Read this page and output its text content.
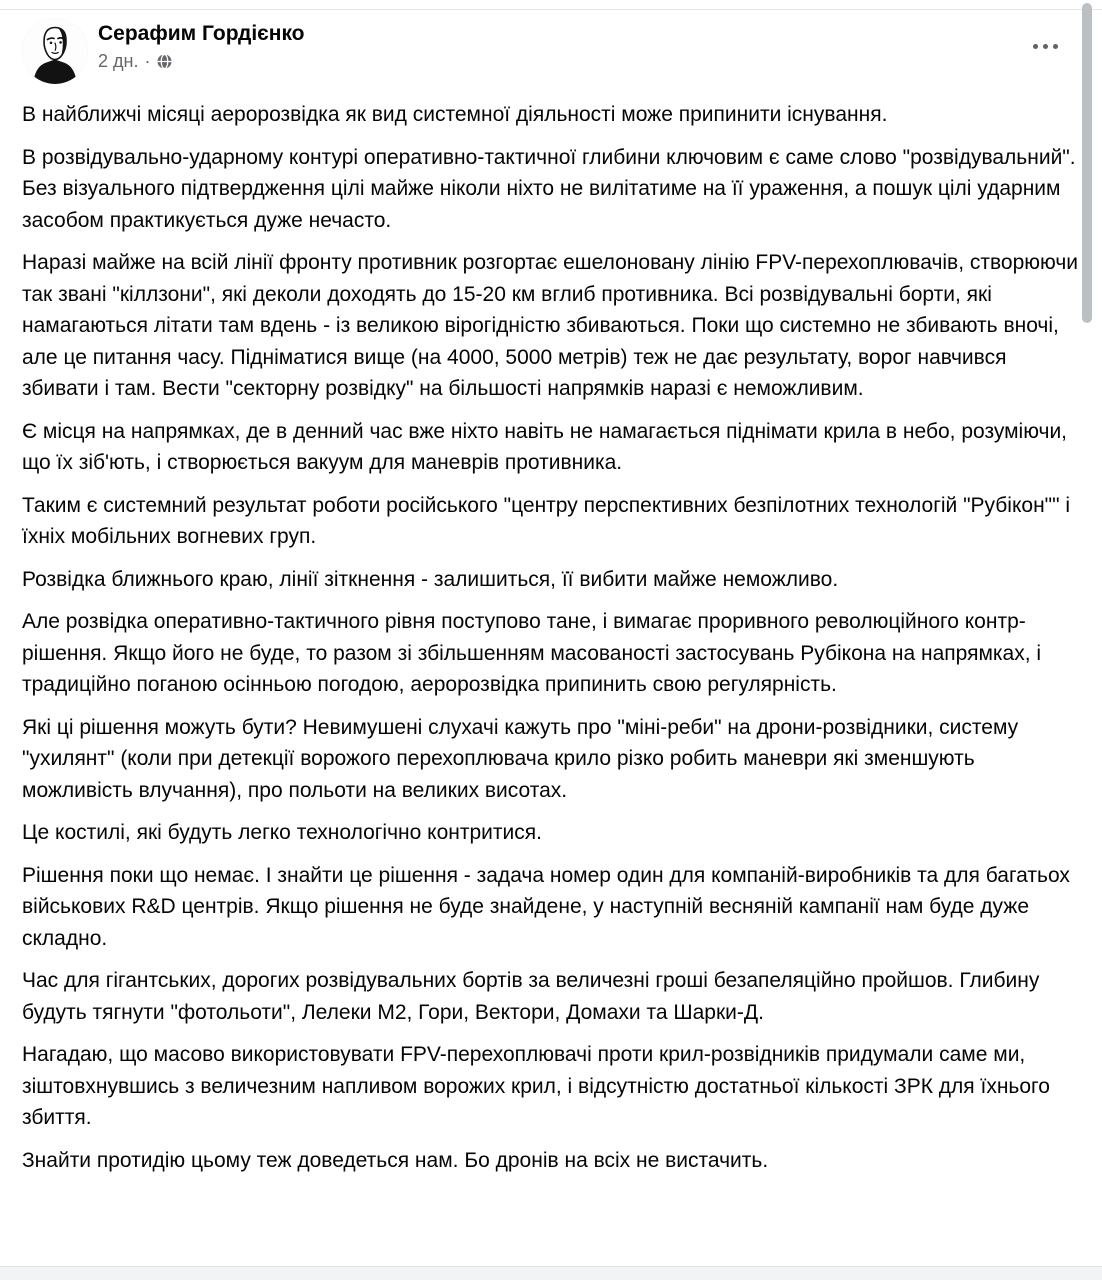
Серафим Гордієнко
2 дн. ·

В найближчі місяці аеророзвідка як вид системної діяльності може припинити існування.

В розвідувально-ударному контурі оперативно-тактичної глибини ключовим є саме слово "розвідувальний". Без візуального підтвердження цілі майже ніколи ніхто не вилітатиме на її ураження, а пошук цілі ударним засобом практикується дуже нечасто.

Наразі майже на всій лінії фронту противник розгортає ешелоновану лінію FPV-перехоплювачів, створюючи так звані "кіллзони", які деколи доходять до 15-20 км вглиб противника. Всі розвідувальні борти, які намагаються літати там вдень - із великою вірогідністю збиваються. Поки що системно не збивають вночі, але це питання часу. Підніматися вище (на 4000, 5000 метрів) теж не дає результату, ворог навчився збивати і там. Вести "секторну розвідку" на більшості напрямків наразі є неможливим.

Є місця на напрямках, де в денний час вже ніхто навіть не намагається піднімати крила в небо, розуміючи, що їх зіб'ють, і створюється вакуум для маневрів противника.

Таким є системний результат роботи російського "центру перспективних безпілотних технологій "Рубікон"" і їхніх мобільних вогневих груп.

Розвідка ближнього краю, лінії зіткнення - залишиться, її вибити майже неможливо.

Але розвідка оперативно-тактичного рівня поступово тане, і вимагає проривного революційного контр-рішення. Якщо його не буде, то разом зі збільшенням масованості застосувань Рубікона на напрямках, і традиційно поганою осінньою погодою, аеророзвідка припинить свою регулярність.

Які ці рішення можуть бути? Невимушені слухачі кажуть про "міні-реби" на дрони-розвідники, систему "ухилянт" (коли при детекції ворожого перехоплювача крило різко робить маневри які зменшують можливість влучання), про польоти на великих висотах.

Це костилі, які будуть легко технологічно контритися.

Рішення поки що немає. І знайти це рішення - задача номер один для компаній-виробників та для багатьох військових R&D центрів. Якщо рішення не буде знайдене, у наступній весняній кампанії нам буде дуже складно.

Час для гігантських, дорогих розвідувальних бортів за величезні гроші безапеляційно пройшов. Глибину будуть тягнути "фотольоти", Лелеки М2, Гори, Вектори, Домахи та Шарки-Д.

Нагадаю, що масово використовувати FPV-перехоплювачі проти крил-розвідників придумали саме ми, зіштовхнувшись з величезним напливом ворожих крил, і відсутністю достатньої кількості ЗРК для їхнього збиття.

Знайти протидію цьому теж доведеться нам. Бо дронів на всіх не вистачить.
